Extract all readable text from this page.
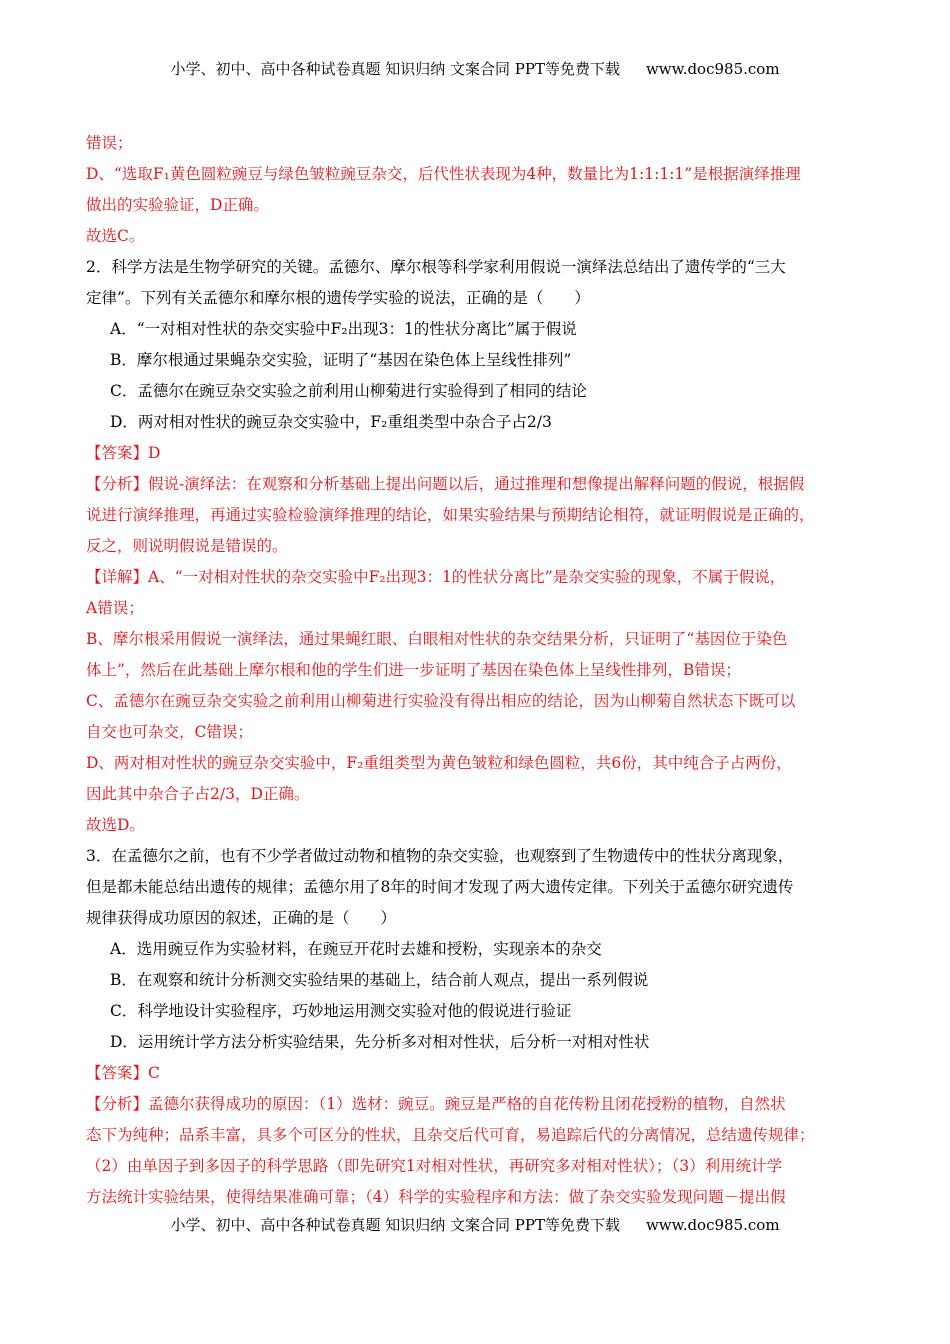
小学、初中、高中各种试卷真题 知识归纳 文案合同 PPT等免费下载 www.doc985.com

错误；

D、“选取F₁黄色圆粒豌豆与绿色皱粒豌豆杂交，后代性状表现为4种，数量比为1:1:1:1”是根据演绎推理

做出的实验验证，D正确。

故选C。

2．科学方法是生物学研究的关键。孟德尔、摩尔根等科学家利用假说一演绎法总结出了遗传学的“三大

定律”。下列有关孟德尔和摩尔根的遗传学实验的说法，正确的是（　　）

A．“一对相对性状的杂交实验中F₂出现3：1的性状分离比”属于假说

B．摩尔根通过果蝇杂交实验，证明了“基因在染色体上呈线性排列”

C．孟德尔在豌豆杂交实验之前利用山柳菊进行实验得到了相同的结论

D．两对相对性状的豌豆杂交实验中，F₂重组类型中杂合子占2/3

【答案】D

【分析】假说-演绎法：在观察和分析基础上提出问题以后，通过推理和想像提出解释问题的假说，根据假

说进行演绎推理，再通过实验检验演绎推理的结论，如果实验结果与预期结论相符，就证明假说是正确的，

反之，则说明假说是错误的。

【详解】A、“一对相对性状的杂交实验中F₂出现3：1的性状分离比”是杂交实验的现象，不属于假说，

A错误；

B、摩尔根采用假说一演绎法，通过果蝇红眼、白眼相对性状的杂交结果分析，只证明了“基因位于染色

体上”，然后在此基础上摩尔根和他的学生们进一步证明了基因在染色体上呈线性排列，B错误；

C、孟德尔在豌豆杂交实验之前利用山柳菊进行实验没有得出相应的结论，因为山柳菊自然状态下既可以

自交也可杂交，C错误；

D、两对相对性状的豌豆杂交实验中，F₂重组类型为黄色皱粒和绿色圆粒，共6份，其中纯合子占两份，

因此其中杂合子占2/3，D正确。

故选D。

3．在孟德尔之前，也有不少学者做过动物和植物的杂交实验，也观察到了生物遗传中的性状分离现象，

但是都未能总结出遗传的规律；孟德尔用了8年的时间才发现了两大遗传定律。下列关于孟德尔研究遗传

规律获得成功原因的叙述，正确的是（　　）

A．选用豌豆作为实验材料，在豌豆开花时去雄和授粉，实现亲本的杂交

B．在观察和统计分析测交实验结果的基础上，结合前人观点，提出一系列假说

C．科学地设计实验程序，巧妙地运用测交实验对他的假说进行验证

D．运用统计学方法分析实验结果，先分析多对相对性状，后分析一对相对性状

【答案】C

【分析】孟德尔获得成功的原因：（1）选材：豌豆。豌豆是严格的自花传粉且闭花授粉的植物，自然状

态下为纯种；品系丰富，具多个可区分的性状，且杂交后代可育，易追踪后代的分离情况，总结遗传规律；

（2）由单因子到多因子的科学思路（即先研究1对相对性状，再研究多对相对性状）；（3）利用统计学

方法统计实验结果，使得结果准确可靠；（4）科学的实验程序和方法：做了杂交实验发现问题－提出假

小学、初中、高中各种试卷真题 知识归纳 文案合同 PPT等免费下载 www.doc985.com
